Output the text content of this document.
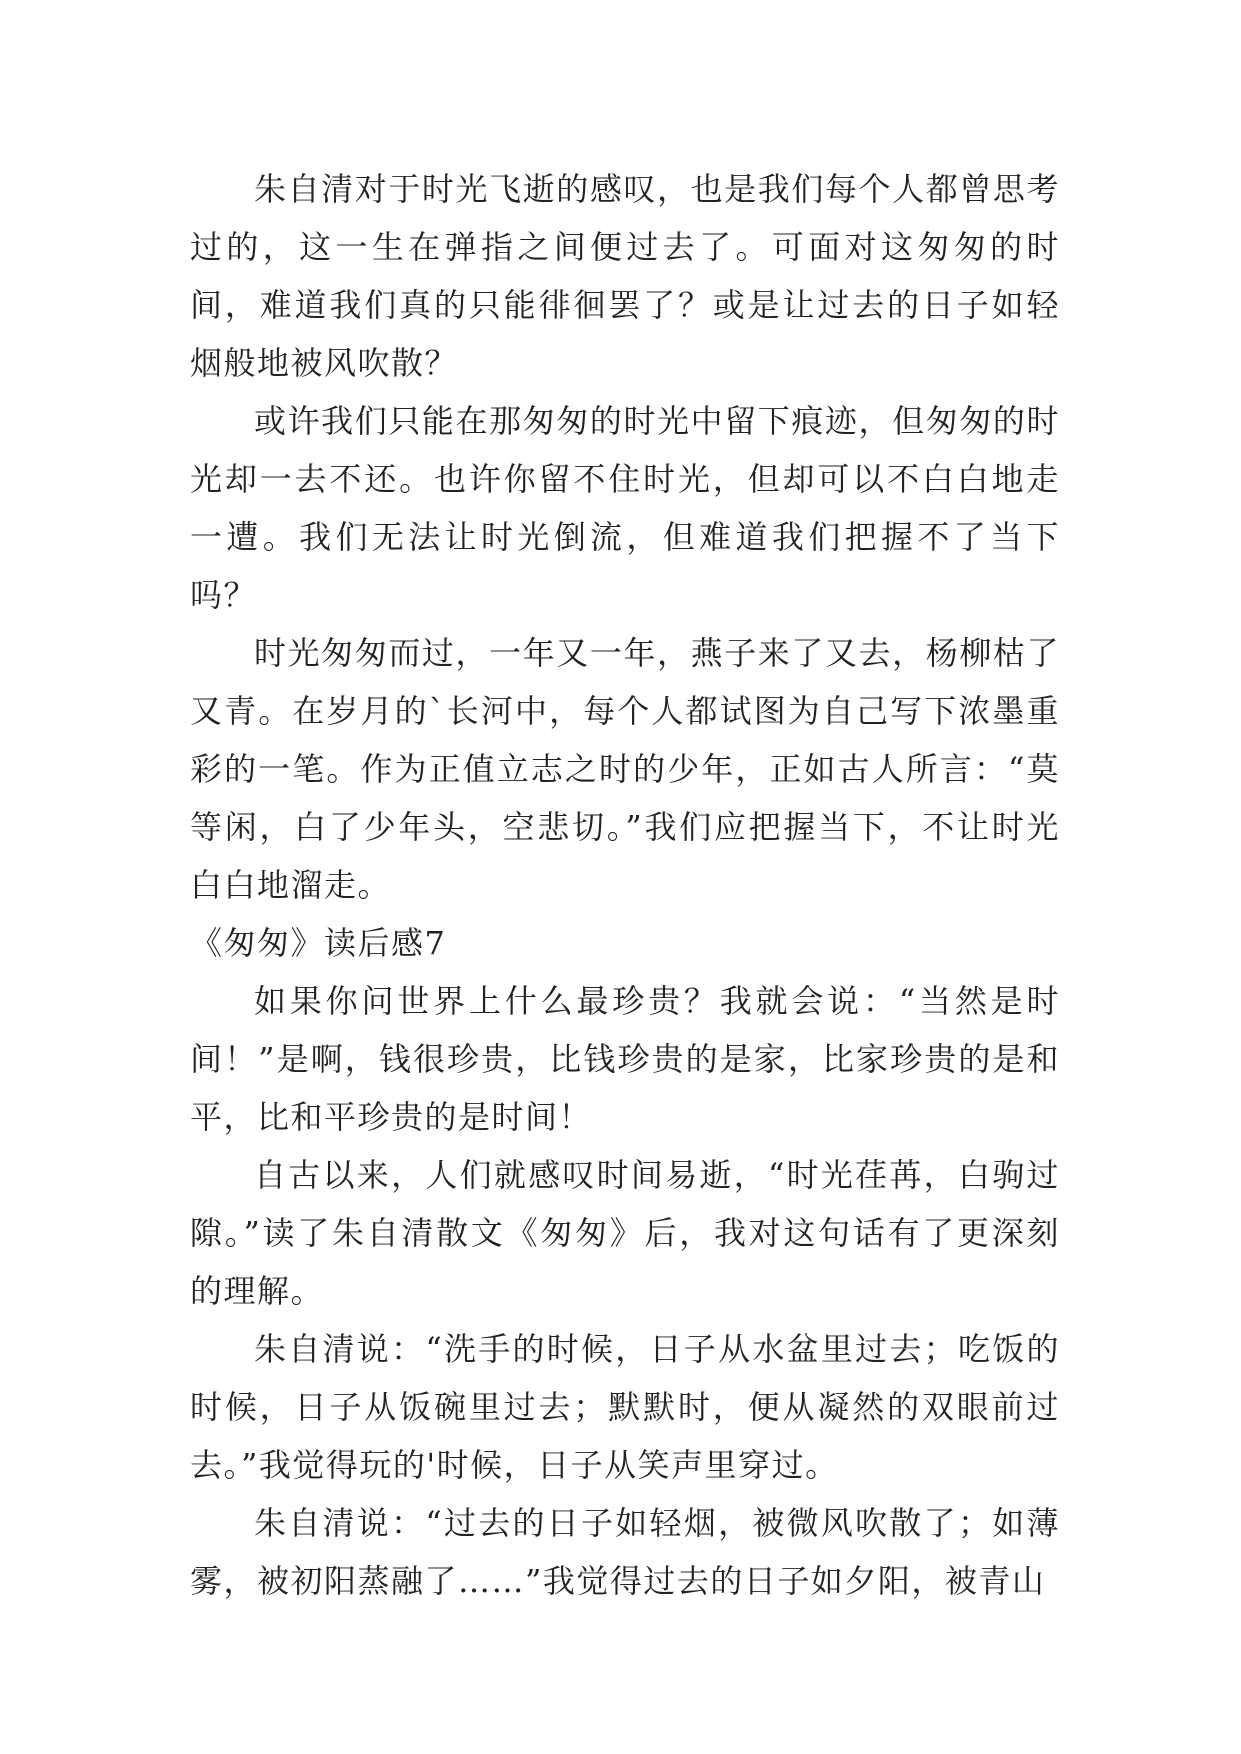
朱自清对于时光飞逝的感叹，也是我们每个人都曾思考过的，这一生在弹指之间便过去了。可面对这匆匆的时间，难道我们真的只能徘徊罢了？或是让过去的日子如轻烟般地被风吹散？

或许我们只能在那匆匆的时光中留下痕迹，但匆匆的时光却一去不还。也许你留不住时光，但却可以不白白地走一遭。我们无法让时光倒流，但难道我们把握不了当下吗？

时光匆匆而过，一年又一年，燕子来了又去，杨柳枯了又青。在岁月的`长河中，每个人都试图为自己写下浓墨重彩的一笔。作为正值立志之时的少年，正如古人所言：“莫等闲，白了少年头，空悲切。”我们应把握当下，不让时光白白地溜走。

《匆匆》读后感7

如果你问世界上什么最珍贵？我就会说：“当然是时间！”是啊，钱很珍贵，比钱珍贵的是家，比家珍贵的是和平，比和平珍贵的是时间！

自古以来，人们就感叹时间易逝，“时光荏苒，白驹过隙。”读了朱自清散文《匆匆》后，我对这句话有了更深刻的理解。

朱自清说：“洗手的时候，日子从水盆里过去；吃饭的时候，日子从饭碗里过去；默默时，便从凝然的双眼前过去。”我觉得玩的'时候，日子从笑声里穿过。

朱自清说：“过去的日子如轻烟，被微风吹散了；如薄雾，被初阳蒸融了……”我觉得过去的日子如夕阳，被青山
